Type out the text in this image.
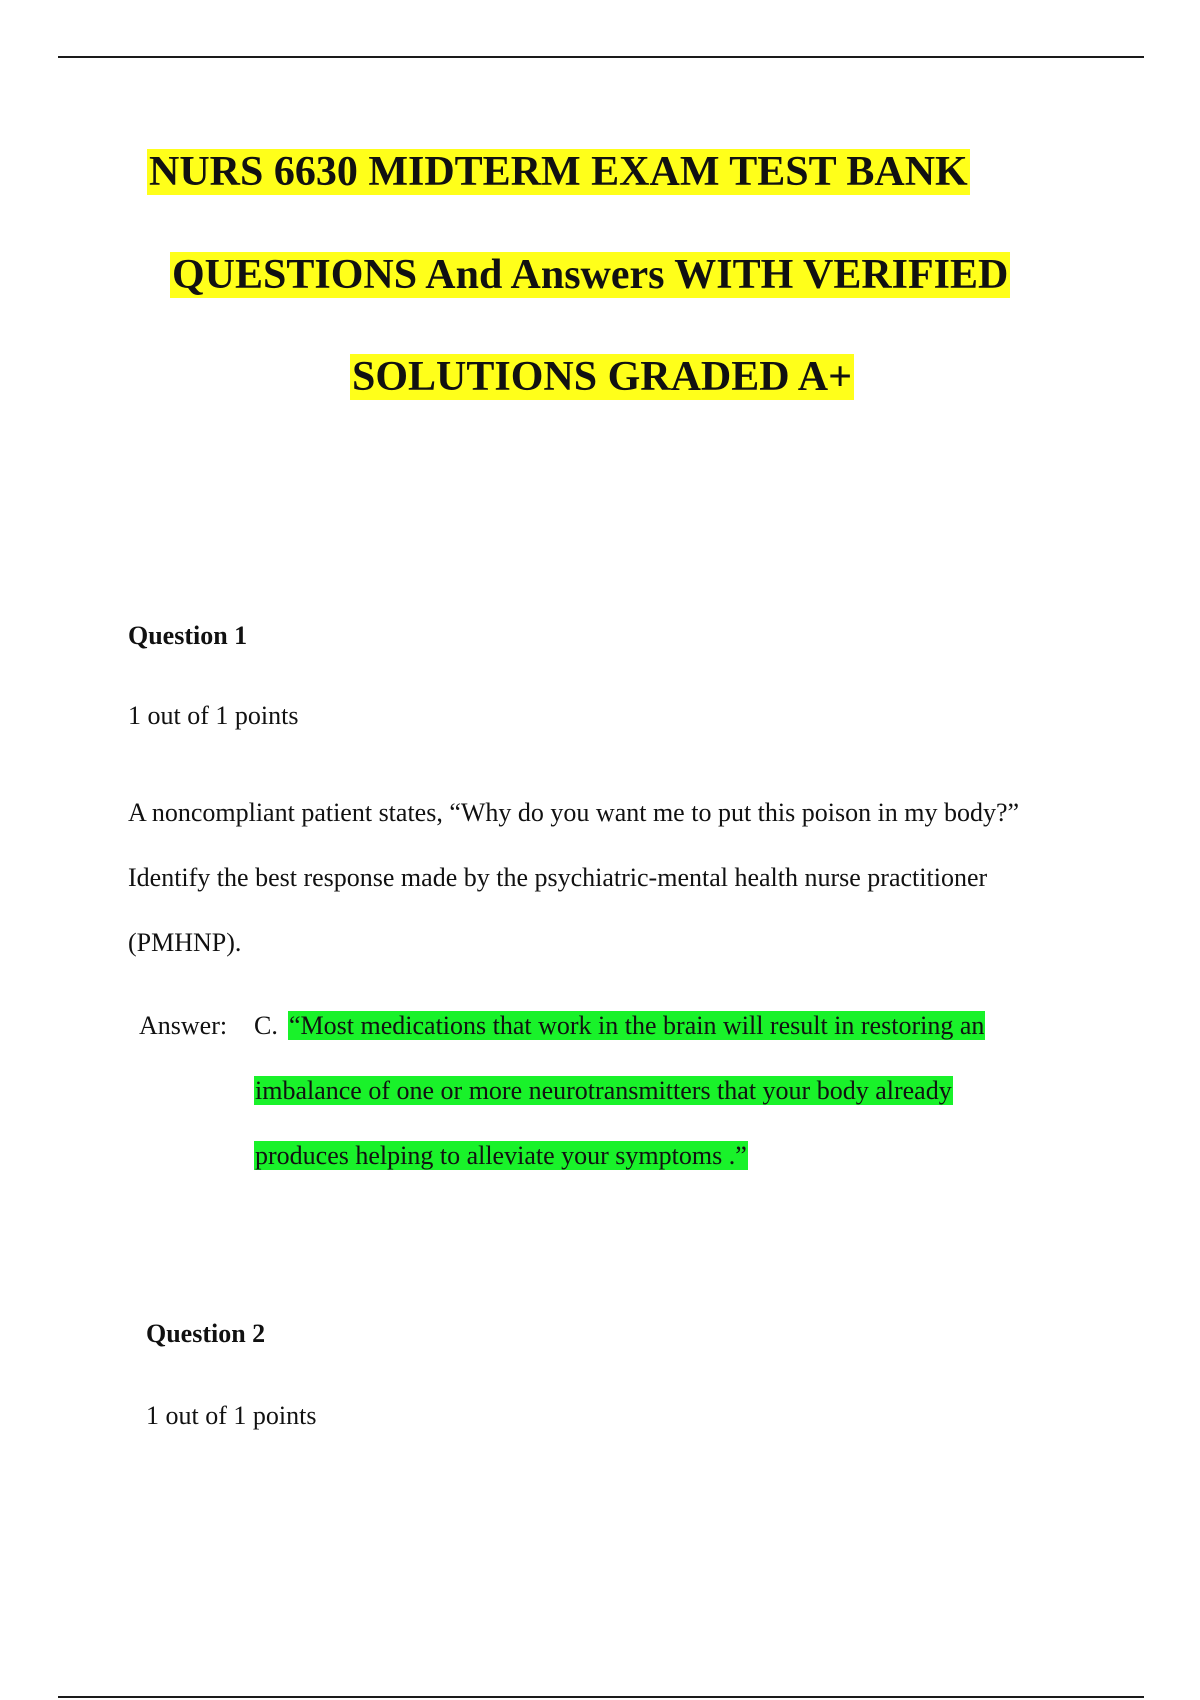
NURS 6630 MIDTERM EXAM TEST BANK
QUESTIONS And Answers WITH VERIFIED
SOLUTIONS GRADED A+

Question 1

1 out of 1 points

A noncompliant patient states, “Why do you want me to put this poison in my body?” Identify the best response made by the psychiatric-mental health nurse practitioner (PMHNP).

Answer: C. “Most medications that work in the brain will result in restoring an

imbalance of one or more neurotransmitters that your body already

produces helping to alleviate your symptoms .”

Question 2

1 out of 1 points
